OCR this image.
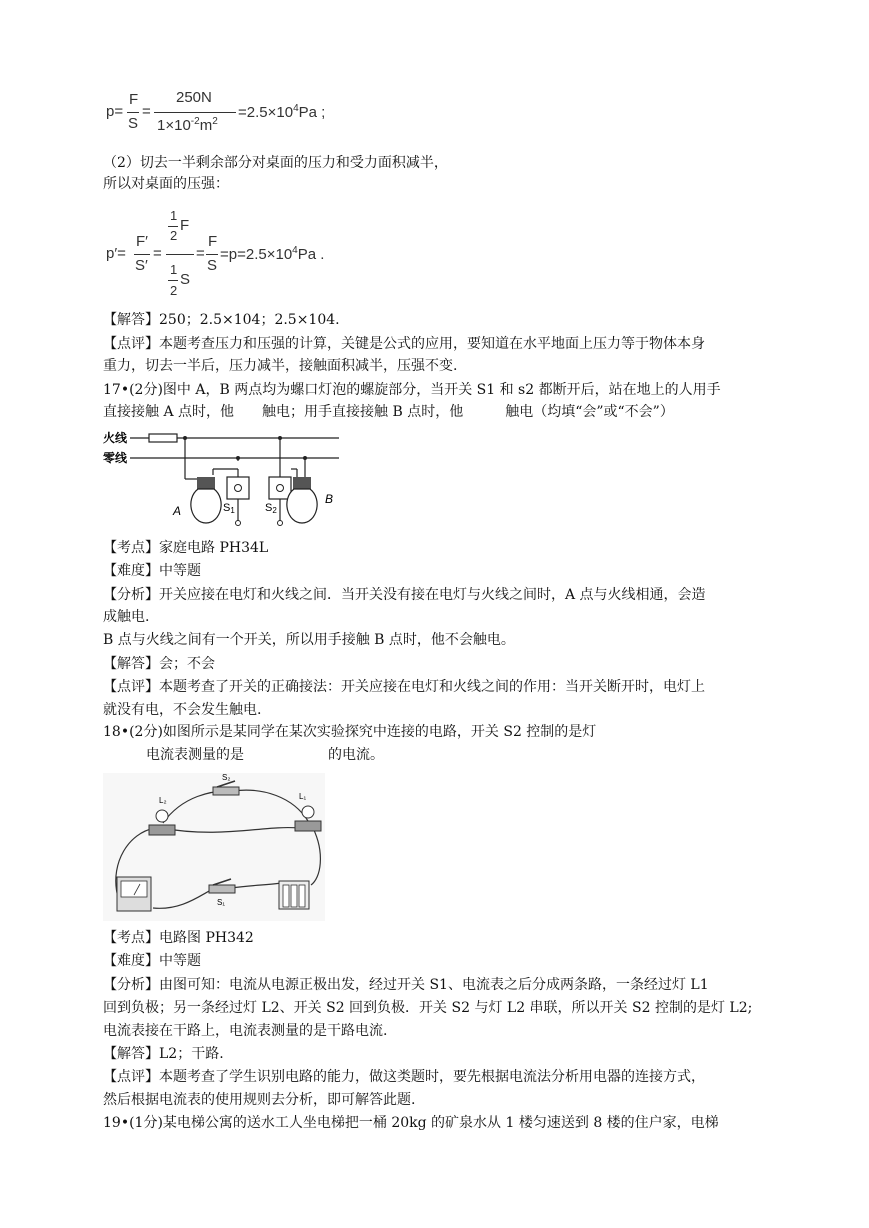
p=
F
S
=
250N
$1\times 10^{-2}m^2$
$=2.5\times 10^4Pa$ ;
（2）切去一半剩余部分对桌面的压力和受力面积减半，
所以对桌面的压强：
p′=
F′
S′
=
1
2
F
1
2
S
=
F
S
$=p=2.5\times 10^4Pa$ .
【解答】250；2.5×104；2.5×104.
【点评】本题考查压力和压强的计算，关键是公式的应用，要知道在水平地面上压力等于物体本身
重力，切去一半后，压力减半，接触面积减半，压强不变.
17•(2分)图中 A，B 两点均为螺口灯泡的螺旋部分，当开关 S1 和 s2 都断开后，站在地上的人用手
直接接触 A 点时，他　　触电；用手直接接触 B 点时，他　　　触电（均填“会”或“不会”）
火线
零线
A	S1	S2
B
【考点】家庭电路 PH34L
【难度】中等题
【分析】开关应接在电灯和火线之间．当开关没有接在电灯与火线之间时，A 点与火线相通，会造
成触电.
B 点与火线之间有一个开关，所以用手接触 B 点时，他不会触电。
【解答】会；不会
【点评】本题考查了开关的正确接法：开关应接在电灯和火线之间的作用：当开关断开时，电灯上
就没有电，不会发生触电.
18•(2分)如图所示是某同学在某次实验探究中连接的电路，开关 S2 控制的是灯
电流表测量的是　　　　　　的电流。
S₂
L₂	L₁
S₁
【考点】电路图 PH342
【难度】中等题
【分析】由图可知：电流从电源正极出发，经过开关 S1、电流表之后分成两条路，一条经过灯 L1
回到负极；另一条经过灯 L2、开关 S2 回到负极．开关 S2 与灯 L2 串联，所以开关 S2 控制的是灯 L2;
电流表接在干路上，电流表测量的是干路电流.
【解答】L2；干路.
【点评】本题考查了学生识别电路的能力，做这类题时，要先根据电流法分析用电器的连接方式，
然后根据电流表的使用规则去分析，即可解答此题.
19•(1分)某电梯公寓的送水工人坐电梯把一桶 20kg 的矿泉水从 1 楼匀速送到 8 楼的住户家，电梯
